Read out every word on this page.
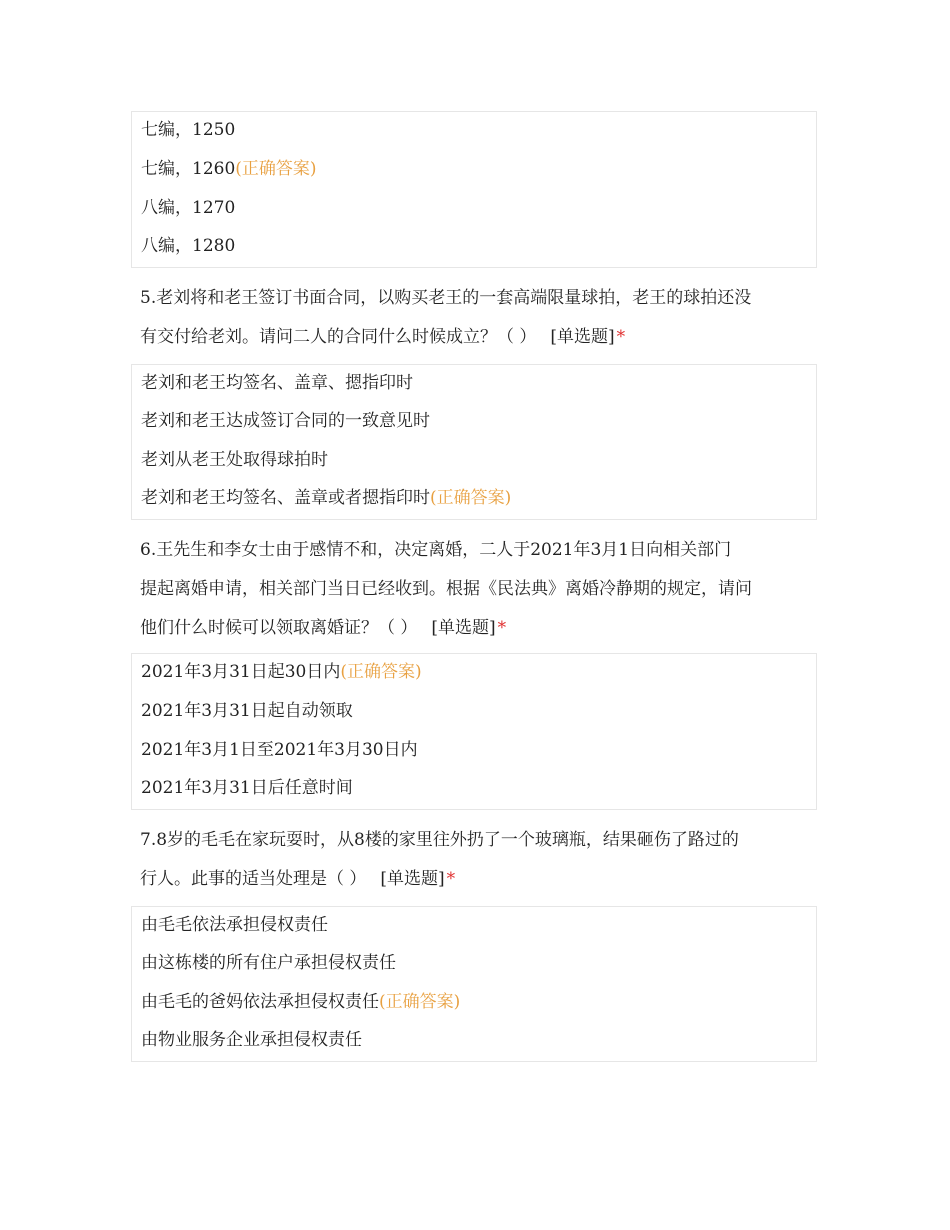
七编，1250
七编，1260(正确答案)
八编，1270
八编，1280
5.老刘将和老王签订书面合同，以购买老王的一套高端限量球拍，老王的球拍还没
有交付给老刘。请问二人的合同什么时候成立？（ ） [单选题] *
老刘和老王均签名、盖章、摁指印时
老刘和老王达成签订合同的一致意见时
老刘从老王处取得球拍时
老刘和老王均签名、盖章或者摁指印时(正确答案)
6.王先生和李女士由于感情不和，决定离婚，二人于2021年3月1日向相关部门
提起离婚申请，相关部门当日已经收到。根据《民法典》离婚冷静期的规定，请问
他们什么时候可以领取离婚证？（ ） [单选题] *
2021年3月31日起30日内(正确答案)
2021年3月31日起自动领取
2021年3月1日至2021年3月30日内
2021年3月31日后任意时间
7.8岁的毛毛在家玩耍时，从8楼的家里往外扔了一个玻璃瓶，结果砸伤了路过的
行人。此事的适当处理是（ ） [单选题] *
由毛毛依法承担侵权责任
由这栋楼的所有住户承担侵权责任
由毛毛的爸妈依法承担侵权责任(正确答案)
由物业服务企业承担侵权责任
